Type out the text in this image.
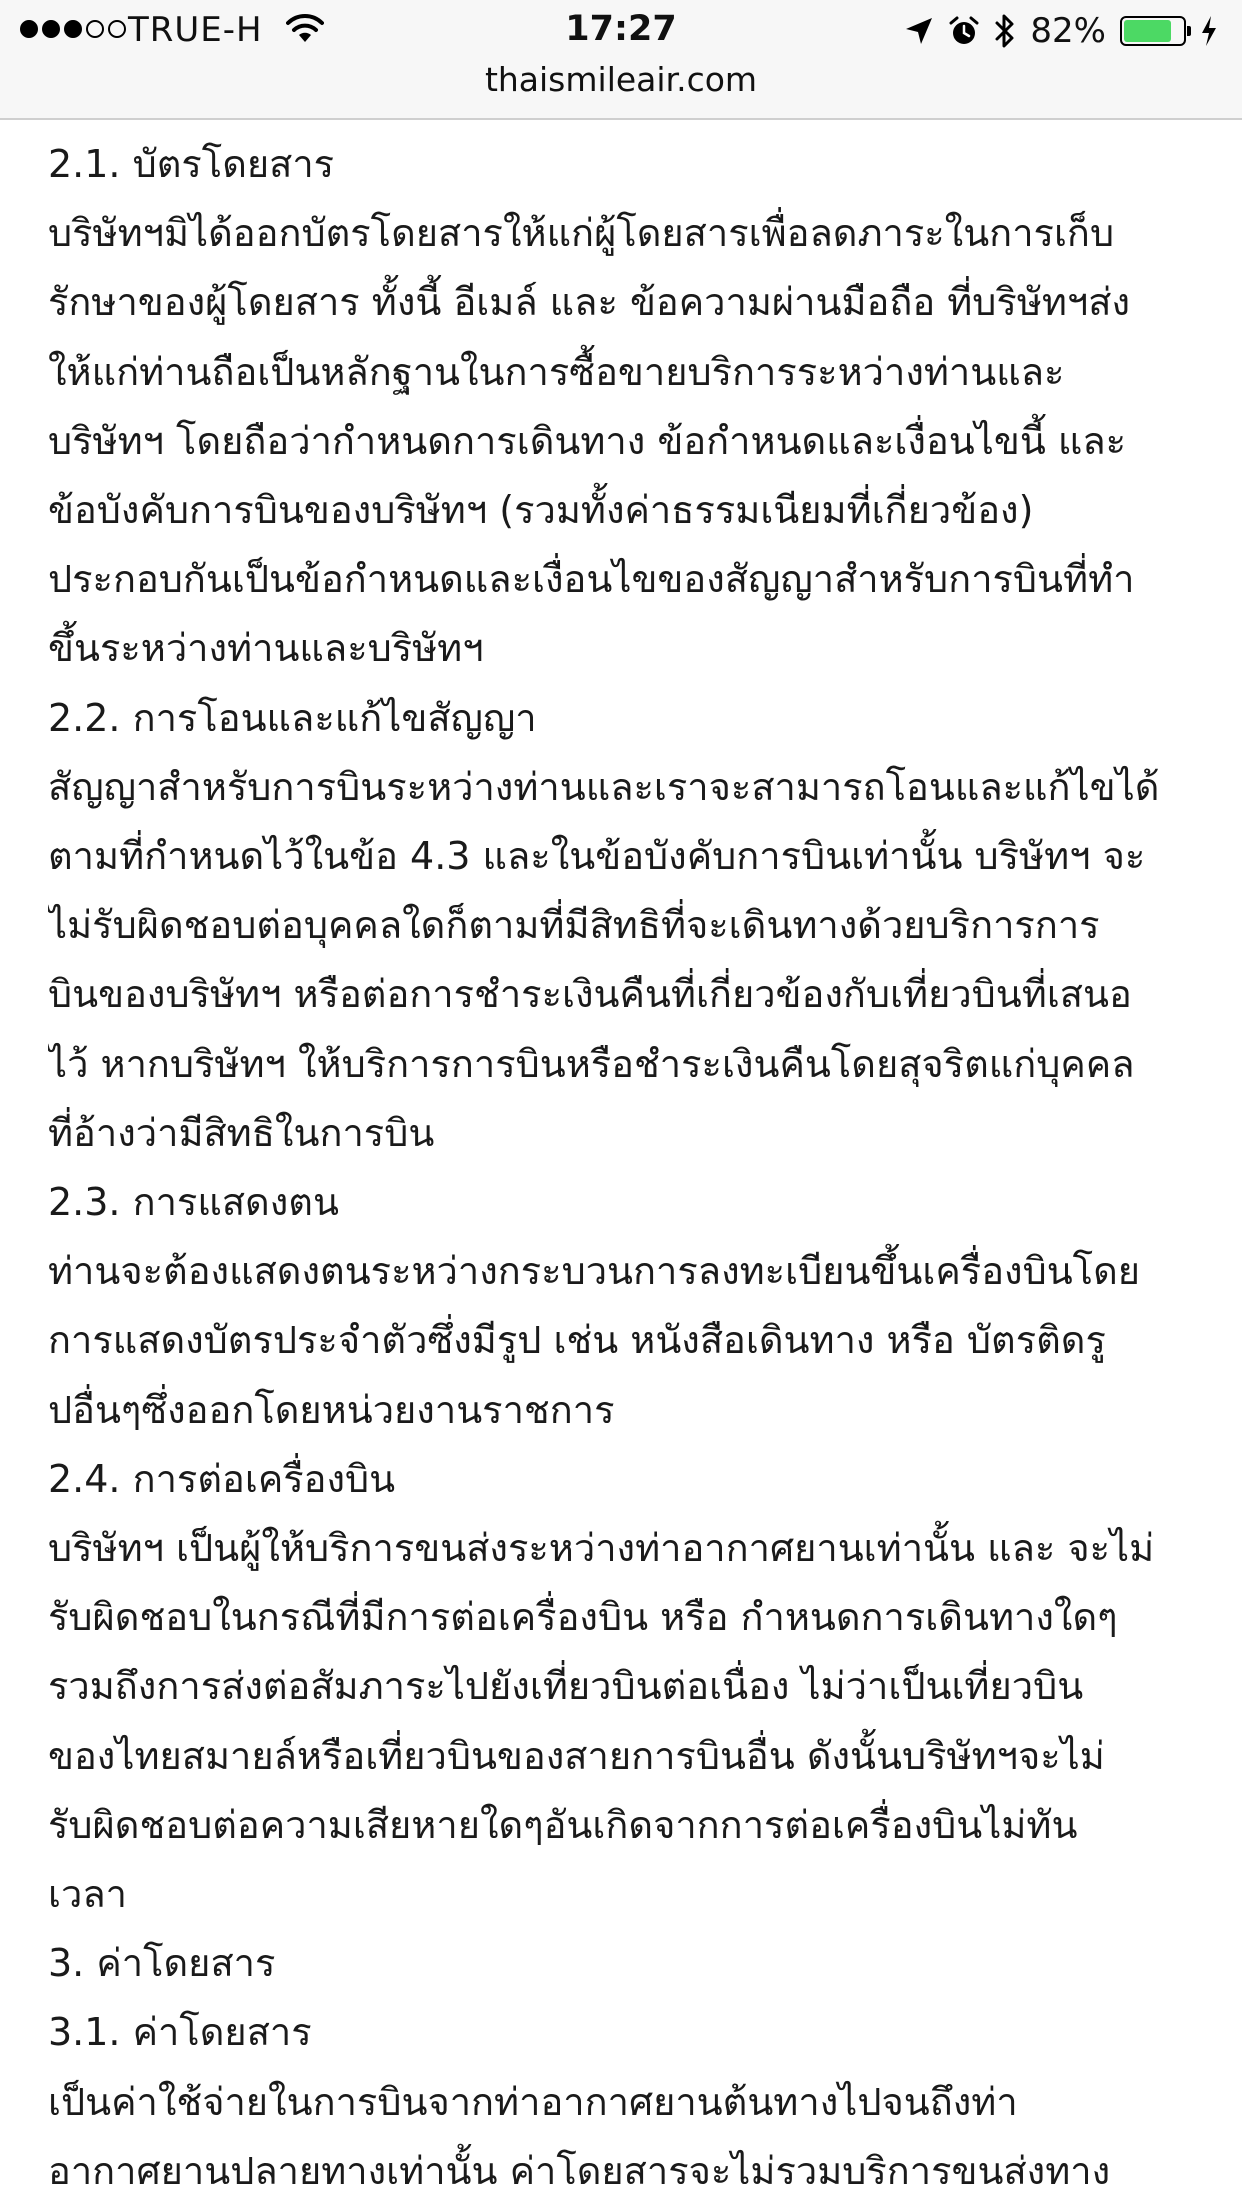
TRUE-H	17:27	82%
thaismileair.com
2.1. บัตรโดยสาร
บริษัทฯมิได้ออกบัตรโดยสารให้แก่ผู้โดยสารเพื่อลดภาระในการเก็บ
รักษาของผู้โดยสาร ทั้งนี้ อีเมล์ และ ข้อความผ่านมือถือ ที่บริษัทฯส่ง
ให้แก่ท่านถือเป็นหลักฐานในการซื้อขายบริการระหว่างท่านและ
บริษัทฯ โดยถือว่ากำหนดการเดินทาง ข้อกำหนดและเงื่อนไขนี้ และ
ข้อบังคับการบินของบริษัทฯ (รวมทั้งค่าธรรมเนียมที่เกี่ยวข้อง)
ประกอบกันเป็นข้อกำหนดและเงื่อนไขของสัญญาสำหรับการบินที่ทำ
ขึ้นระหว่างท่านและบริษัทฯ
2.2. การโอนและแก้ไขสัญญา
สัญญาสำหรับการบินระหว่างท่านและเราจะสามารถโอนและแก้ไขได้
ตามที่กำหนดไว้ในข้อ 4.3 และในข้อบังคับการบินเท่านั้น บริษัทฯ จะ
ไม่รับผิดชอบต่อบุคคลใดก็ตามที่มีสิทธิที่จะเดินทางด้วยบริการการ
บินของบริษัทฯ หรือต่อการชำระเงินคืนที่เกี่ยวข้องกับเที่ยวบินที่เสนอ
ไว้ หากบริษัทฯ ให้บริการการบินหรือชำระเงินคืนโดยสุจริตแก่บุคคล
ที่อ้างว่ามีสิทธิในการบิน
2.3. การแสดงตน
ท่านจะต้องแสดงตนระหว่างกระบวนการลงทะเบียนขึ้นเครื่องบินโดย
การแสดงบัตรประจำตัวซึ่งมีรูป เช่น หนังสือเดินทาง หรือ บัตรติดรู
ปอื่นๆซึ่งออกโดยหน่วยงานราชการ
2.4. การต่อเครื่องบิน
บริษัทฯ เป็นผู้ให้บริการขนส่งระหว่างท่าอากาศยานเท่านั้น และ จะไม่
รับผิดชอบในกรณีที่มีการต่อเครื่องบิน หรือ กำหนดการเดินทางใดๆ
รวมถึงการส่งต่อสัมภาระไปยังเที่ยวบินต่อเนื่อง ไม่ว่าเป็นเที่ยวบิน
ของไทยสมายล์หรือเที่ยวบินของสายการบินอื่น ดังนั้นบริษัทฯจะไม่
รับผิดชอบต่อความเสียหายใดๆอันเกิดจากการต่อเครื่องบินไม่ทัน
เวลา
3. ค่าโดยสาร
3.1. ค่าโดยสาร
เป็นค่าใช้จ่ายในการบินจากท่าอากาศยานต้นทางไปจนถึงท่า
อากาศยานปลายทางเท่านั้น ค่าโดยสารจะไม่รวมบริการขนส่งทาง
